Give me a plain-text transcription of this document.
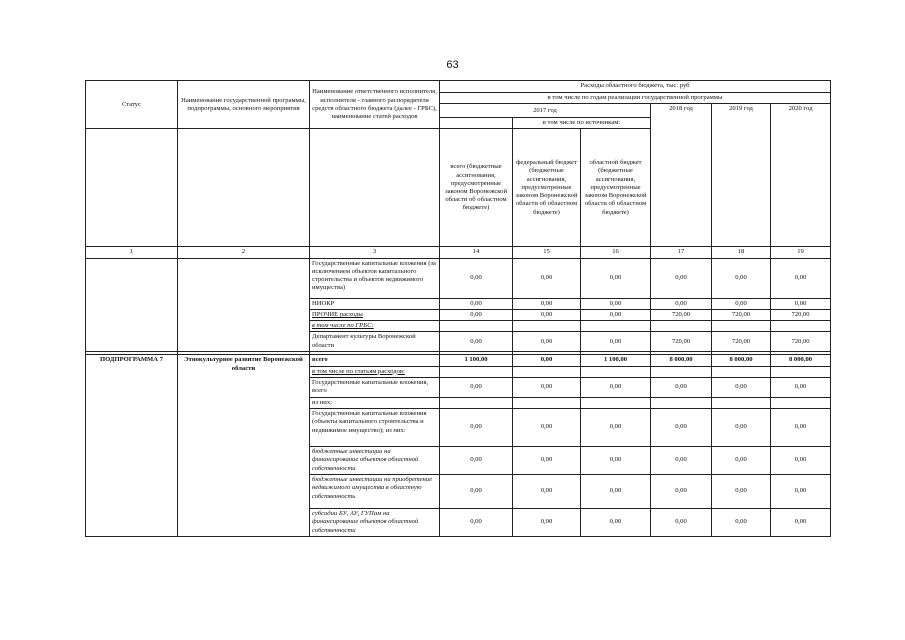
63
Статус	Наименование государственной программы, подпрограммы, основного мероприятия	Наименование ответственного исполнителя, исполнителя - главного распорядителя средств областного бюджета (далее - ГРБС), наименование статей расходов	Расходы областного бюджета, тыс. руб					
			в том числе по годам реализации государственной программы					
			2017 год			2018 год	2019 год	2020 год
				в том числе по источникам:				
			всего (бюджетные ассигнования, предусмотренные законом Воронежской области об областном бюджете)	федеральный бюджет (бюджетные ассигнования, предусмотренные законом Воронежской области об областном бюджете)	областной бюджет (бюджетные ассигнования, предусмотренные законом Воронежской области об областном бюджете)			
1	2	3	14	15	16	17	18	19
		Государственные капитальные вложения (за исключением объектов капитального строительства и объектов недвижимого имущества)	0,00	0,00	0,00	0,00	0,00	0,00
		НИОКР	0,00	0,00	0,00	0,00	0,00	0,00
		ПРОЧИЕ расходы	0,00	0,00	0,00	720,00	720,00	720,00
		в том числе по ГРБС:						
		Департамент культуры Воронежской области	0,00	0,00	0,00	720,00	720,00	720,00

ПОДПРОГРАММА 7	Этнокультурное развитие Воронежской области	всего	1 100,00	0,00	1 100,00	8 000,00	8 000,00	8 000,00
		в том числе по статьям расходов:						
		Государственные капитальные вложения, всего	0,00	0,00	0,00	0,00	0,00	0,00
		из них:						
		Государственные капитальные вложения (объекты капитального строительства и недвижимое имущество); из них:	0,00	0,00	0,00	0,00	0,00	0,00
		бюджетные инвестиции на финансирование объектов областной собственности	0,00	0,00	0,00	0,00	0,00	0,00
		бюджетные инвестиции на приобретение недвижимого имущества в областную собственность	0,00	0,00	0,00	0,00	0,00	0,00
		субсидии БУ, АУ, ГУПам на финансирование объектов областной собственности	0,00	0,00	0,00	0,00	0,00	0,00
